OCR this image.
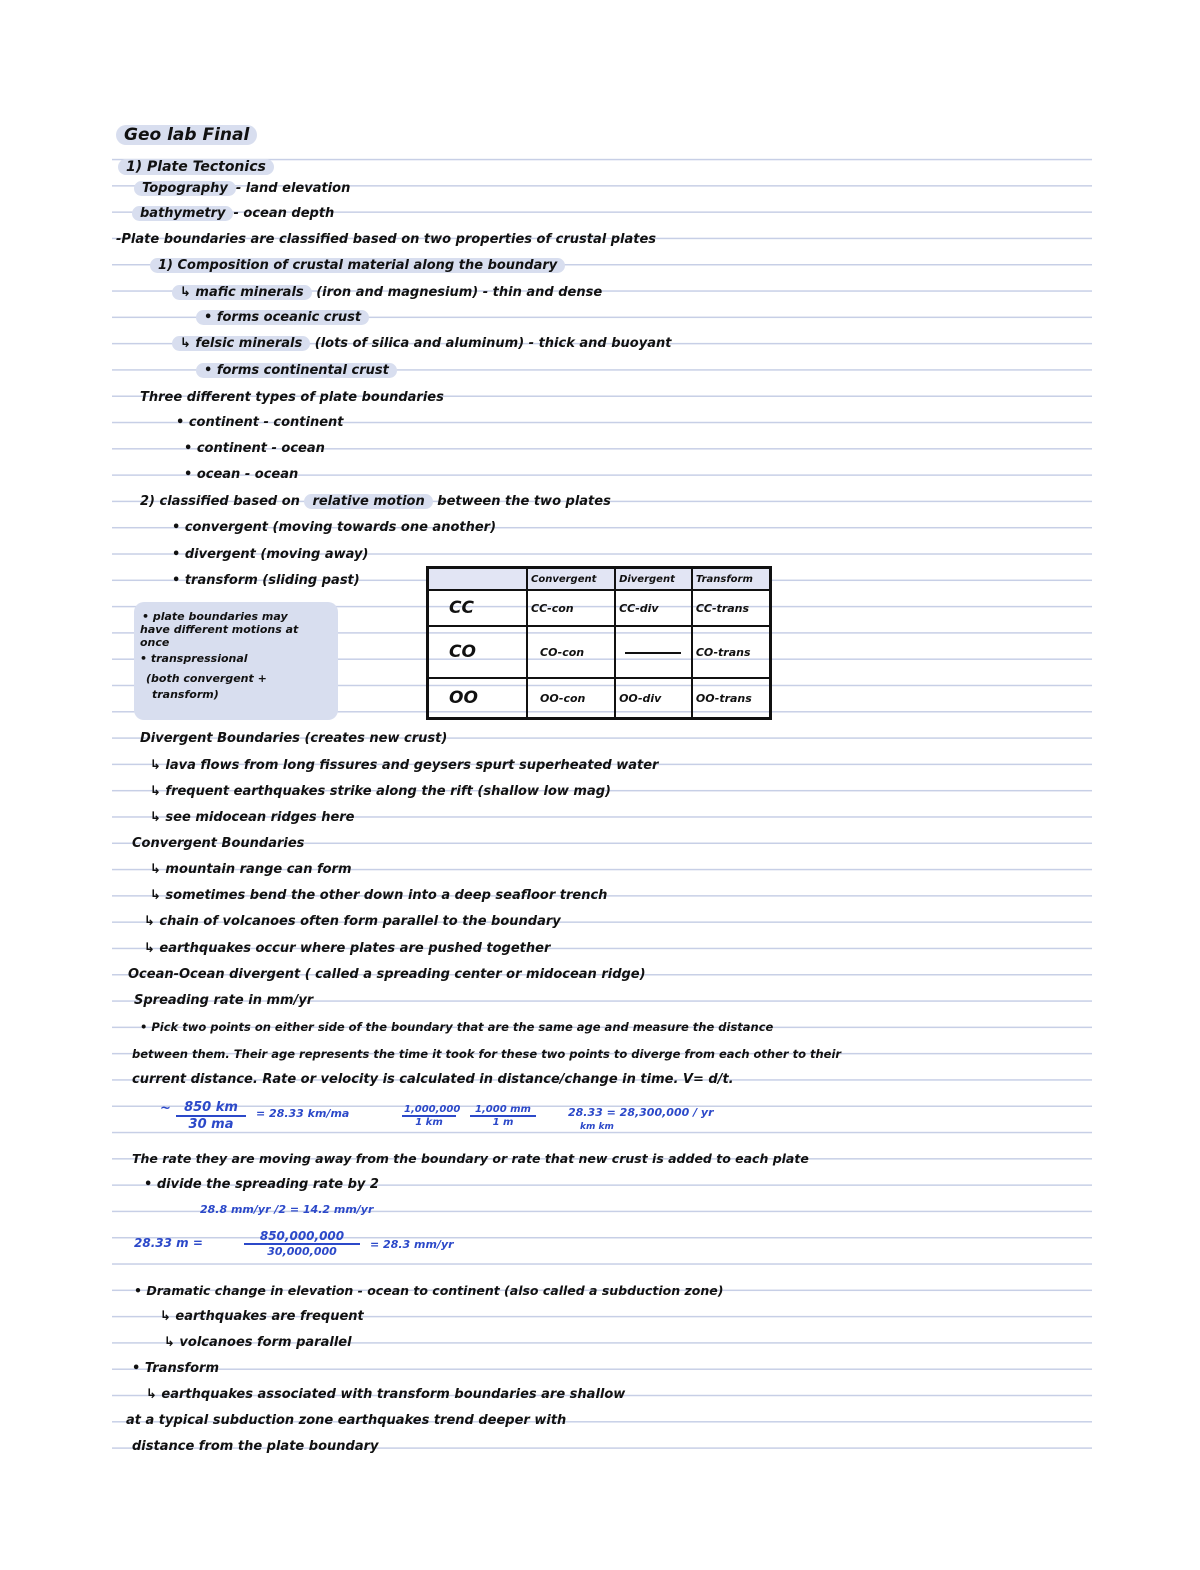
Geo lab Final
1) Plate Tectonics
Topography - land elevation
bathymetry - ocean depth
-Plate boundaries are classified based on two properties of crustal plates
1) Composition of crustal material along the boundary
↳ mafic minerals (iron and magnesium) - thin and dense
• forms oceanic crust
↳ felsic minerals (lots of silica and aluminum) - thick and buoyant
• forms continental crust
Three different types of plate boundaries
• continent - continent
• continent - ocean
• ocean - ocean
2) classified based on relative motion between the two plates
• convergent (moving towards one another)
• divergent (moving away)
• transform (sliding past)
• plate boundaries may
have different motions at
once
• transpressional
(both convergent +
transform)
	Convergent	Divergent	Transform
CC	CC-con	CC-div	CC-trans
CO	CO-con		CO-trans
OO	OO-con	OO-div	OO-trans
Divergent Boundaries (creates new crust)
↳ lava flows from long fissures and geysers spurt superheated water
↳ frequent earthquakes strike along the rift (shallow low mag)
↳ see midocean ridges here
Convergent Boundaries
↳ mountain range can form
↳ sometimes bend the other down into a deep seafloor trench
↳ chain of volcanoes often form parallel to the boundary
↳ earthquakes occur where plates are pushed together
Ocean-Ocean divergent ( called a spreading center or midocean ridge)
Spreading rate in mm/yr
• Pick two points on either side of the boundary that are the same age and measure the distance
between them. Their age represents the time it took for these two points to diverge from each other to their
current distance. Rate or velocity is calculated in distance/change in time. V= d/t.
~ $\frac{850 km}{30 ma} = 28.33$ km/ma	$\frac{1,000,000}{1 km} \frac{1,000 mm}{1 m}$	28.33 = 28,300,000 / yr
km km
The rate they are moving away from the boundary or rate that new crust is added to each plate
• divide the spreading rate by 2
28.8 mm/yr /2 = 14.2 mm/yr
28.33 m =	$\frac{850,000,000}{30,000,000} = 28.3$ mm/yr
• Dramatic change in elevation - ocean to continent (also called a subduction zone)
↳ earthquakes are frequent
↳ volcanoes form parallel
• Transform
↳ earthquakes associated with transform boundaries are shallow
at a typical subduction zone earthquakes trend deeper with
distance from the plate boundary
